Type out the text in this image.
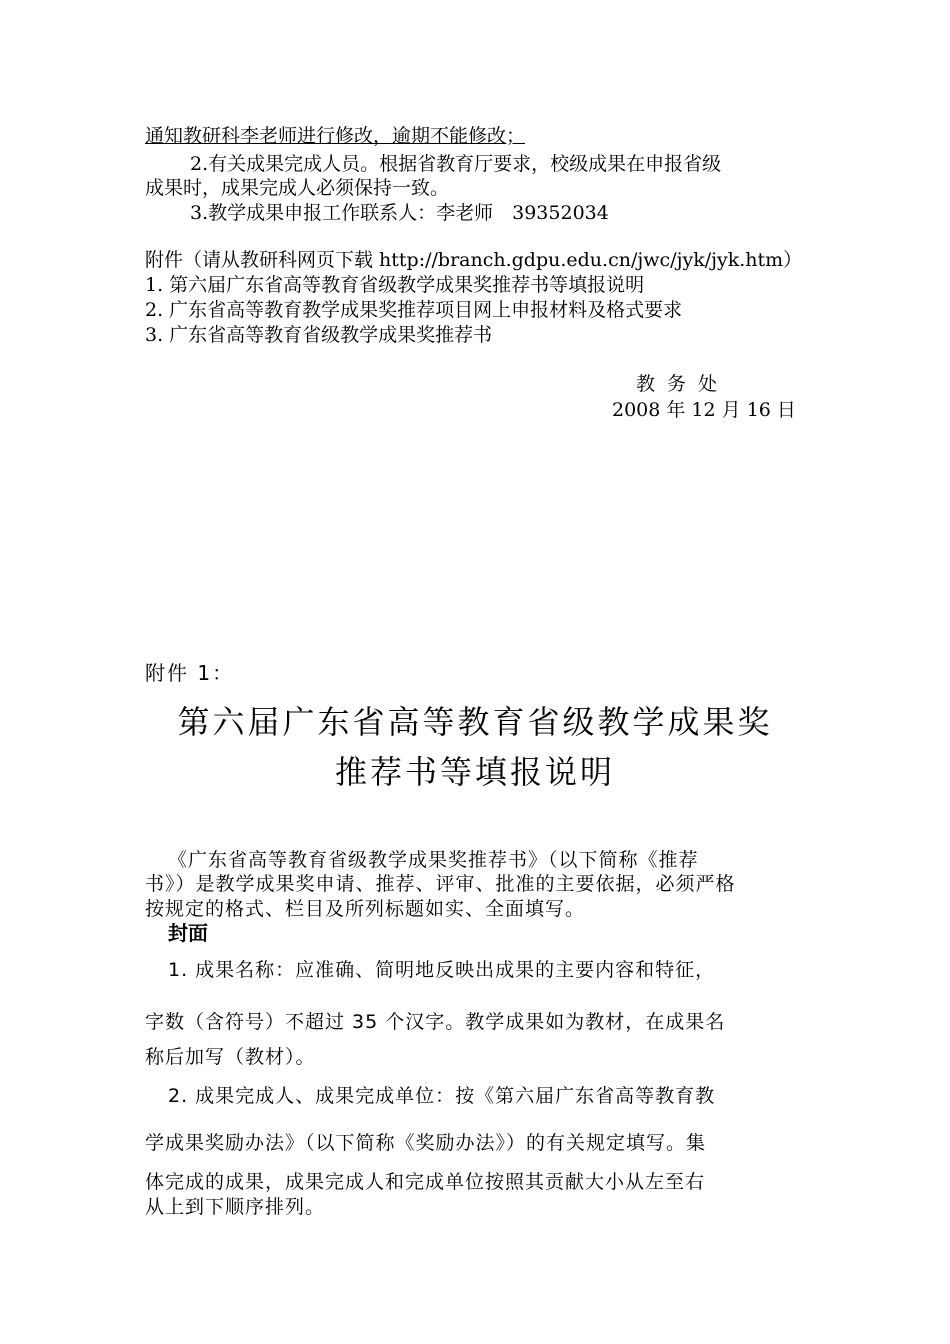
通知教研科李老师进行修改，逾期不能修改；
2.有关成果完成人员。根据省教育厅要求，校级成果在申报省级
成果时，成果完成人必须保持一致。
3.教学成果申报工作联系人：李老师　39352034
附件（请从教研科网页下载 http://branch.gdpu.edu.cn/jwc/jyk/jyk.htm）
1. 第六届广东省高等教育省级教学成果奖推荐书等填报说明
2. 广东省高等教育教学成果奖推荐项目网上申报材料及格式要求
3. 广东省高等教育省级教学成果奖推荐书
教务处
2008 年 12 月 16 日
附件 1：
第六届广东省高等教育省级教学成果奖
推荐书等填报说明
《广东省高等教育省级教学成果奖推荐书》（以下简称《推荐
书》）是教学成果奖申请、推荐、评审、批准的主要依据，必须严格
按规定的格式、栏目及所列标题如实、全面填写。
封面
1. 成果名称：应准确、简明地反映出成果的主要内容和特征，
字数（含符号）不超过 35 个汉字。教学成果如为教材，在成果名
称后加写（教材）。
2. 成果完成人、成果完成单位：按《第六届广东省高等教育教
学成果奖励办法》（以下简称《奖励办法》）的有关规定填写。集
体完成的成果，成果完成人和完成单位按照其贡献大小从左至右
从上到下顺序排列。
